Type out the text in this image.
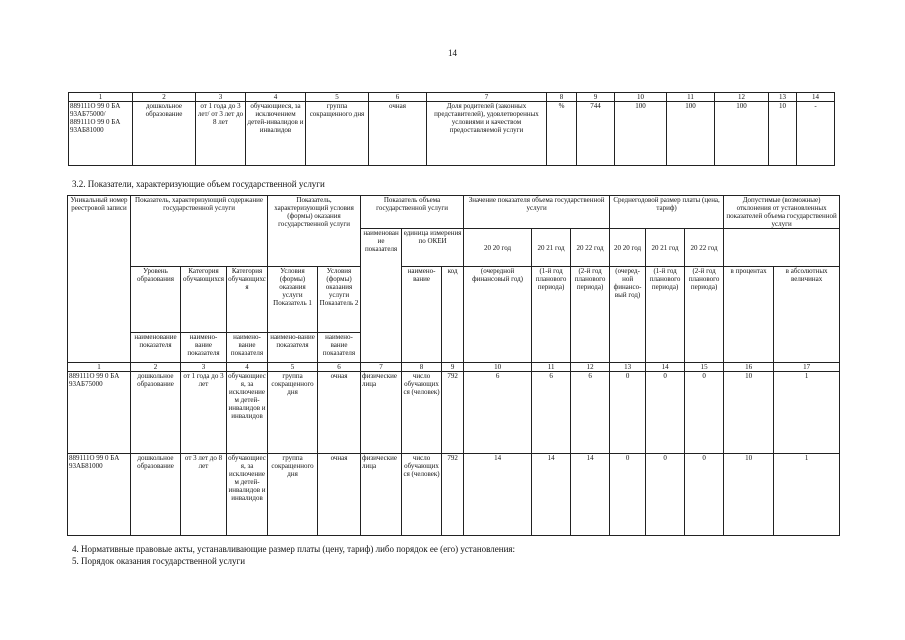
14
1	2	3	4	5	6	7	8	9	10	11	12	13	14
889111О 99 0 БА 93АБ75000/ 889111О 99 0 БА 93АБ81000	дошкольное образование	от 1 года до 3 лет/ от 3 лет до 8 лет	обучающиеся, за исключением детей-инвалидов и инвалидов	группа сокращенного дня	очная	Доля родителей (законных представителей), удовлетворенных условиями и качеством предоставляемой услуги	%	744	100	100	100	10	-
3.2. Показатели, характеризующие объем государственной услуги
Уникальный номер реестровой записи	Показатель, характеризующий содержание государственной услуги			Показатель, характеризующий условия (формы) оказания государственной услуги		Показатель объема государственной услуги			Значение показателя объема государственной услуги			Среднегодовой размер платы (цена, тариф)			Допустимые (возможные) отклонения от установленных показателей объема государственной услуги	
						наименование показателя	единица измерения по ОКЕИ		20 20 год	20 21 год	20 22 год	20 20 год	20 21 год	20 22 год		
	Уровень образования	Категория обучающихся	Категория обучающихся	Условия (формы) оказания услуги Показатель 1	Условия (формы) оказания услуги Показатель 2		наимено-вание	код	(очередной финансовый год)	(1-й год планового периода)	(2-й год планового периода)	(очеред-ной финансо-вый год)	(1-й год планового периода)	(2-й год планового периода)	в процентах	в абсолютных величинах
	наименование показателя	наимено-вание показателя	наимено-вание показателя	наимено-вание показателя	наимено-вание показателя											
1	2	3	4	5	6	7	8	9	10	11	12	13	14	15	16	17
889111О 99 0 БА 93АБ75000	дошкольное образование	от 1 года до 3 лет	обучающиеся, за исключением детей-инвалидов и инвалидов	группа сокращенного дня	очная	физические лица	число обучающихся (человек)	792	6	6	6	0	0	0	10	1
889111О 99 0 БА 93АБ81000	дошкольное образование	от 3 лет до 8 лет	обучающиеся, за исключением детей-инвалидов и инвалидов	группа сокращенного дня	очная	физические лица	число обучающихся (человек)	792	14	14	14	0	0	0	10	1
4. Нормативные правовые акты, устанавливающие размер платы (цену, тариф) либо порядок ее (его) установления:
5. Порядок оказания государственной услуги
